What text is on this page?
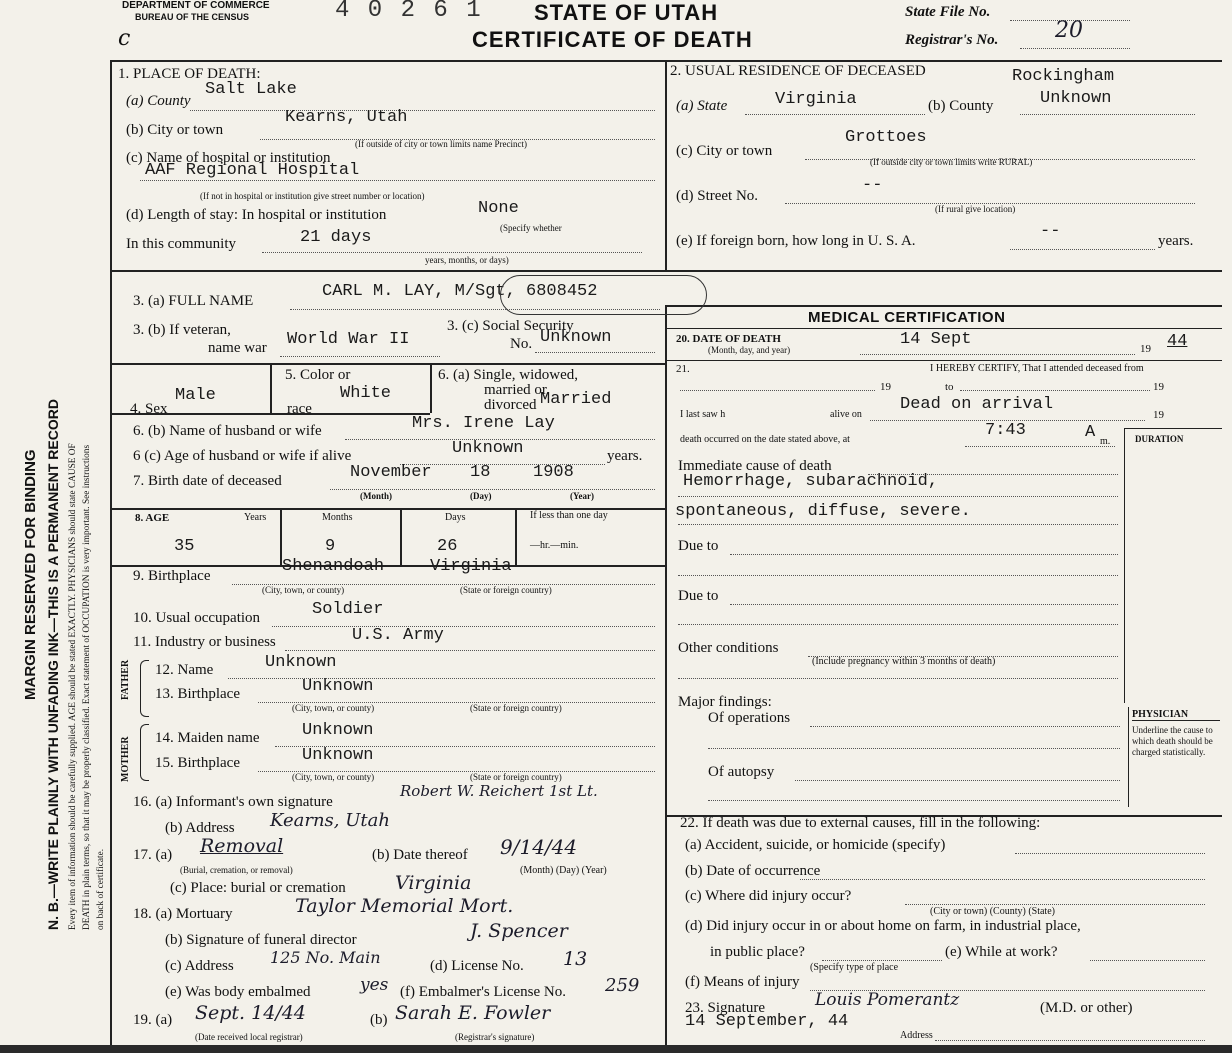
MARGIN RESERVED FOR BINDING N. B.—WRITE PLAINLY WITH UNFADING INK—THIS IS A PERMANENT RECORD Every item of information should be carefully supplied. AGE should be stated EXACTLY. PHYSICIANS should state CAUSE OF DEATH in plain terms, so that it may be properly classified. Exact statement of OCCUPATION is very important. See instructions on back of certificate.
DEPARTMENT OF COMMERCE
BUREAU OF THE CENSUS
c
4 0 2 6 1 STATE OF UTAH
CERTIFICATE OF DEATH
State File No.
Registrar's No.	20
1. PLACE OF DEATH:
(a) County
Salt Lake
(b) City or town
Kearns, Utah
(If outside of city or town limits name Precinct)
(c) Name of hospital or institution
AAF Regional Hospital
(If not in hospital or institution give street number or location)
(d) Length of stay: In hospital or institution	None
(Specify whether
In this community	21 days
years, months, or days)
2. USUAL RESIDENCE OF DECEASED	Rockingham
(a) State	Virginia	(b) County	Unknown
Grottoes
(c) City or town
(If outside city or town limits write RURAL)
(d) Street No.
--
(If rural give location)
(e) If foreign born, how long in U. S. A.	--	years.
3. (a) FULL NAME	CARL M. LAY, M/Sgt, 6808452
3. (b) If veteran,
name war World War II
3. (c) Social Security
No. Unknown
Male
4. Sex
5. Color or
race
White
6. (a) Single, widowed,
married or
divorced Married
6. (b) Name of husband or wife	Mrs. Irene Lay
6 (c) Age of husband or wife if alive	Unknown	years.
7. Birth date of deceased	November 18	1908
(Month)	(Day)	(Year)
8. AGE	Years	Months	Days	If less than one day
35	9	26	—hr.—min.
9. Birthplace	Shenandoah	Virginia
(City, town, or county)	(State or foreign country)
10. Usual occupation	Soldier
11. Industry or business	U.S. Army
FATHER
MOTHER
12. Name	Unknown
13. Birthplace	Unknown
(City, town, or county)	(State or foreign country)
14. Maiden name Unknown
15. Birthplace	Unknown
(City, town, or county)	(State or foreign country)
16. (a) Informant's own signature
Robert W. Reichert 1st Lt.
(b) Address Kearns, Utah
17. (a) Removal
(Burial, cremation, or removal)
(b) Date thereof 9/14/44
(Month) (Day) (Year)
(c) Place: burial or cremation	Virginia
18. (a) Mortuary	Taylor Memorial Mort.
(b) Signature of funeral director	J. Spencer
(c) Address 125 No. Main	(d) License No. 13
(e) Was body embalmed	yes (f) Embalmer's License No. 259
19. (a) Sept. 14/44
(Date received local registrar)
(b) Sarah E. Fowler
(Registrar's signature)
MEDICAL CERTIFICATION
20. DATE OF DEATH
(Month, day, and year)
14 Sept	19 44
21.	I HEREBY CERTIFY, That I attended deceased from
19	to	19
I last saw h	alive on
Dead on arrival
19
death occurred on the date stated above, at	7:43	A m.	DURATION
Immediate cause of death
Hemorrhage, subarachnoid,
spontaneous, diffuse, severe.
Due to
Due to
Other conditions
(Include pregnancy within 3 months of death)
Major findings:
Of operations
Of autopsy
PHYSICIAN
Underline the cause to which death should be charged statistically.
22. If death was due to external causes, fill in the following:
(a) Accident, suicide, or homicide (specify)
(b) Date of occurrence
(c) Where did injury occur?
(City or town) (County) (State)
(d) Did injury occur in or about home on farm, in industrial place,
in public place?
(Specify type of place
(e) While at work?
(f) Means of injury
23. Signature	Louis Pomerantz	(M.D. or other)
14 September, 44
Address
